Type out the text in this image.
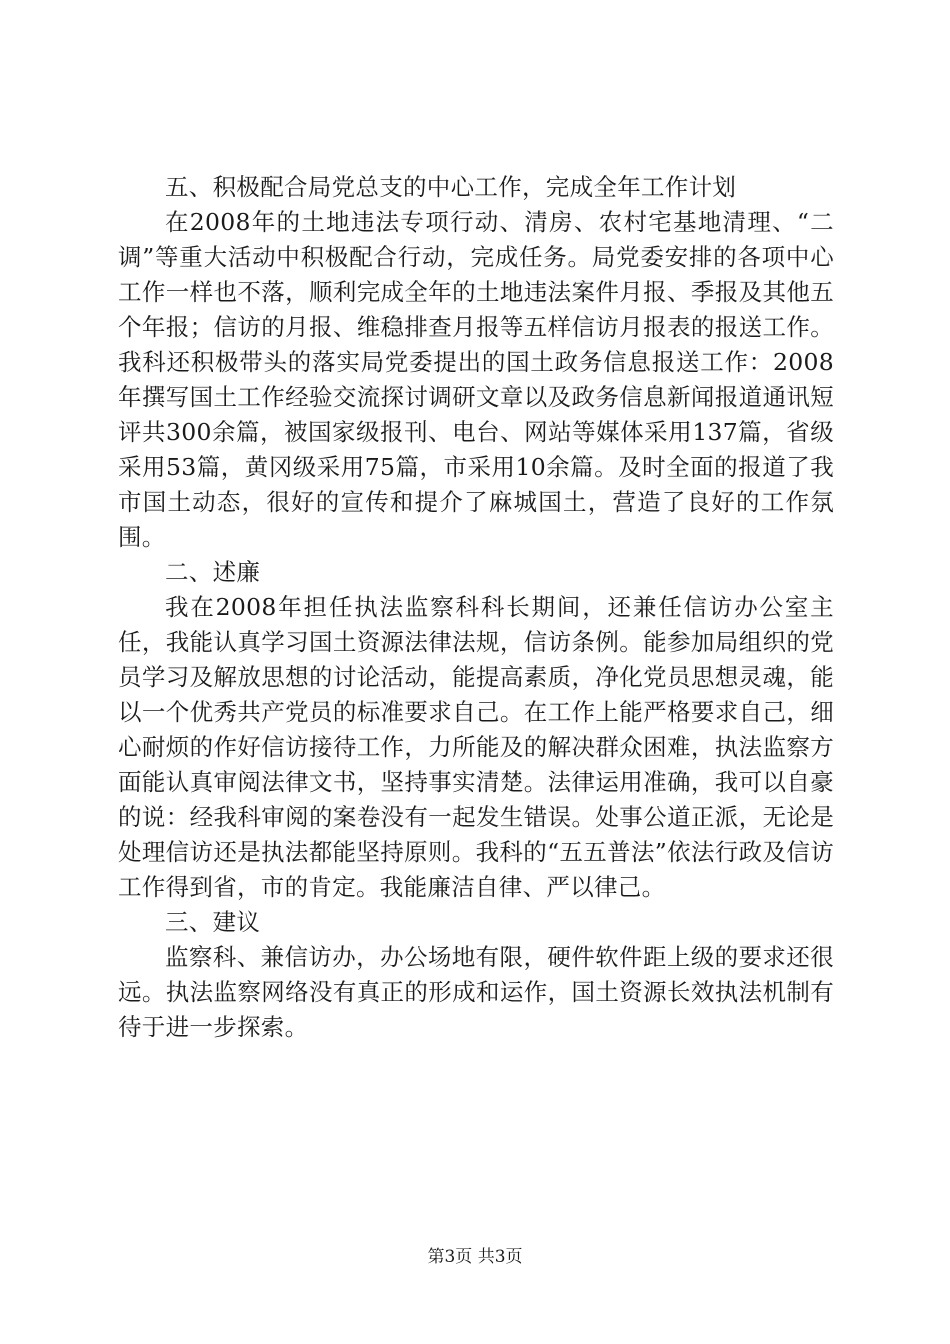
五、积极配合局党总支的中心工作，完成全年工作计划

在2008年的土地违法专项行动、清房、农村宅基地清理、“二调”等重大活动中积极配合行动，完成任务。局党委安排的各项中心工作一样也不落，顺利完成全年的土地违法案件月报、季报及其他五个年报；信访的月报、维稳排查月报等五样信访月报表的报送工作。我科还积极带头的落实局党委提出的国土政务信息报送工作：2008年撰写国土工作经验交流探讨调研文章以及政务信息新闻报道通讯短评共300余篇，被国家级报刊、电台、网站等媒体采用137篇，省级采用53篇，黄冈级采用75篇，市采用10余篇。及时全面的报道了我市国土动态，很好的宣传和提介了麻城国土，营造了良好的工作氛围。

二、述廉

我在2008年担任执法监察科科长期间，还兼任信访办公室主任，我能认真学习国土资源法律法规，信访条例。能参加局组织的党员学习及解放思想的讨论活动，能提高素质，净化党员思想灵魂，能以一个优秀共产党员的标准要求自己。在工作上能严格要求自己，细心耐烦的作好信访接待工作，力所能及的解决群众困难，执法监察方面能认真审阅法律文书，坚持事实清楚。法律运用准确，我可以自豪的说：经我科审阅的案卷没有一起发生错误。处事公道正派，无论是处理信访还是执法都能坚持原则。我科的“五五普法”依法行政及信访工作得到省，市的肯定。我能廉洁自律、严以律己。

三、建议

监察科、兼信访办，办公场地有限，硬件软件距上级的要求还很远。执法监察网络没有真正的形成和运作，国土资源长效执法机制有待于进一步探索。

第3页 共3页
